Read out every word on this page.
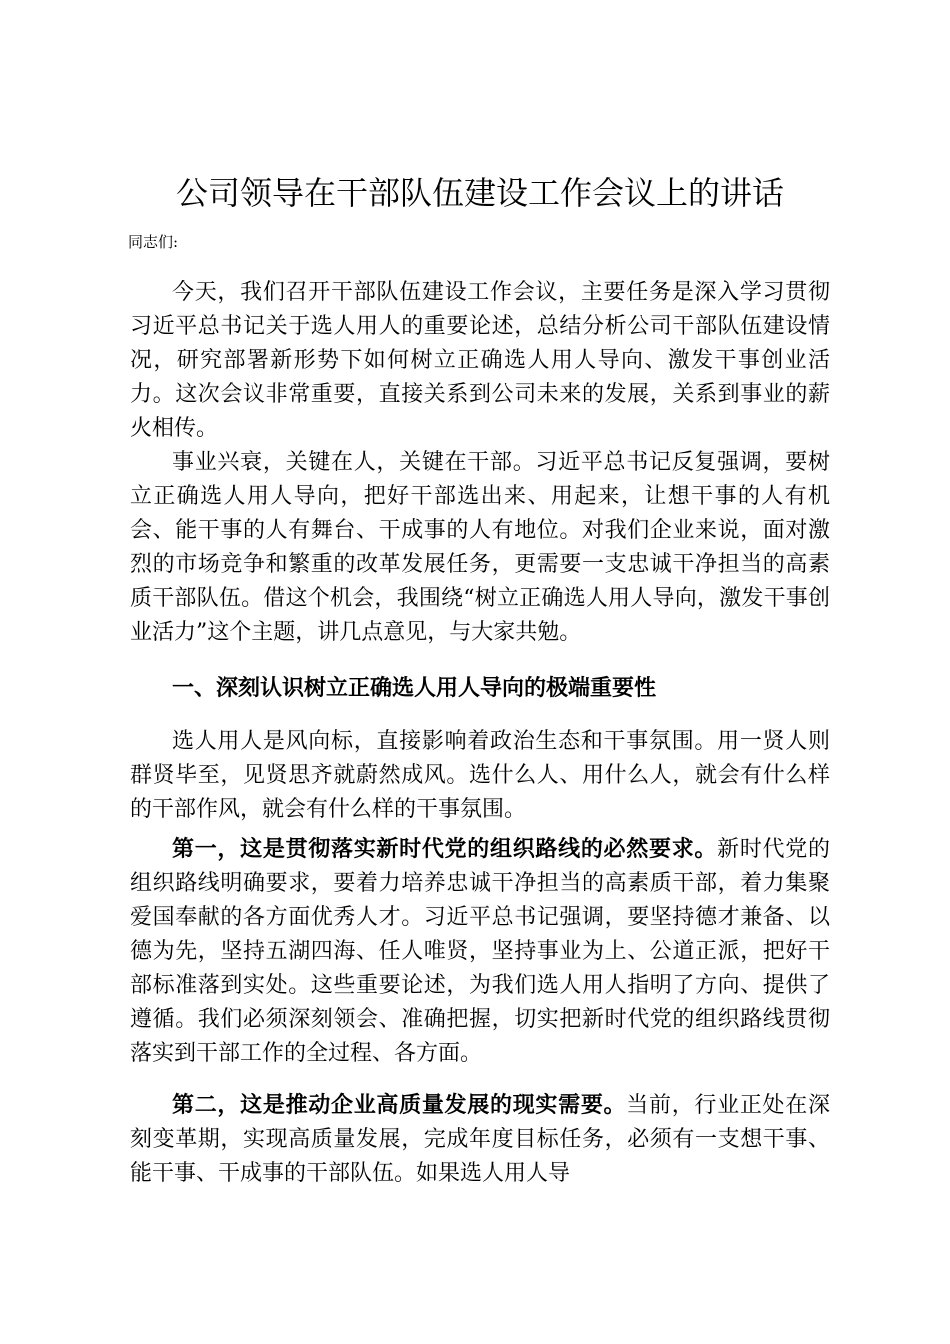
公司领导在干部队伍建设工作会议上的讲话

同志们:

今天，我们召开干部队伍建设工作会议，主要任务是深入学习贯彻习近平总书记关于选人用人的重要论述，总结分析公司干部队伍建设情况，研究部署新形势下如何树立正确选人用人导向、激发干事创业活力。这次会议非常重要，直接关系到公司未来的发展，关系到事业的薪火相传。

事业兴衰，关键在人，关键在干部。习近平总书记反复强调，要树立正确选人用人导向，把好干部选出来、用起来，让想干事的人有机会、能干事的人有舞台、干成事的人有地位。对我们企业来说，面对激烈的市场竞争和繁重的改革发展任务，更需要一支忠诚干净担当的高素质干部队伍。借这个机会，我围绕“树立正确选人用人导向，激发干事创业活力”这个主题，讲几点意见，与大家共勉。

一、深刻认识树立正确选人用人导向的极端重要性

选人用人是风向标，直接影响着政治生态和干事氛围。用一贤人则群贤毕至，见贤思齐就蔚然成风。选什么人、用什么人，就会有什么样的干部作风，就会有什么样的干事氛围。

第一，这是贯彻落实新时代党的组织路线的必然要求。新时代党的组织路线明确要求，要着力培养忠诚干净担当的高素质干部，着力集聚爱国奉献的各方面优秀人才。习近平总书记强调，要坚持德才兼备、以德为先，坚持五湖四海、任人唯贤，坚持事业为上、公道正派，把好干部标准落到实处。这些重要论述，为我们选人用人指明了方向、提供了遵循。我们必须深刻领会、准确把握，切实把新时代党的组织路线贯彻落实到干部工作的全过程、各方面。

第二，这是推动企业高质量发展的现实需要。当前，行业正处在深刻变革期，实现高质量发展，完成年度目标任务，必须有一支想干事、能干事、干成事的干部队伍。如果选人用人导
